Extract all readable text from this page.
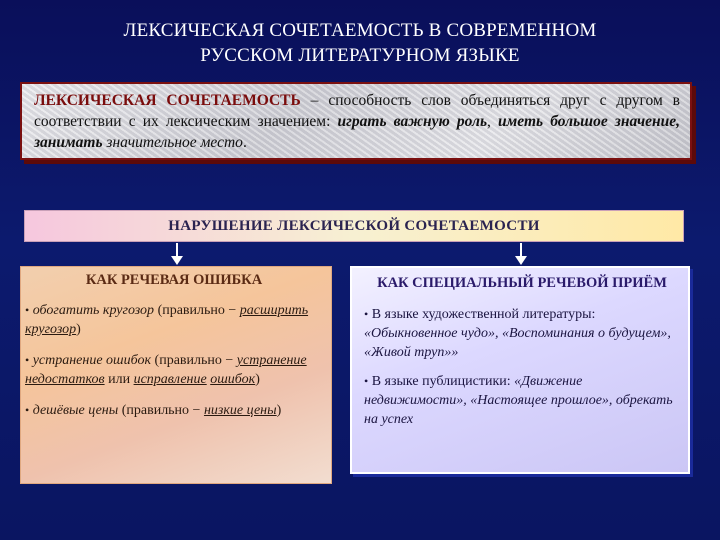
ЛЕКСИЧЕСКАЯ СОЧЕТАЕМОСТЬ В СОВРЕМЕННОМ
РУССКОМ ЛИТЕРАТУРНОМ ЯЗЫКЕ
ЛЕКСИЧЕСКАЯ СОЧЕТАЕМОСТЬ – способность слов объединяться друг с другом в соответствии с их лексическим значением: играть важную роль, иметь большое значение, занимать значительное место.
НАРУШЕНИЕ ЛЕКСИЧЕСКОЙ СОЧЕТАЕМОСТИ
КАК РЕЧЕВАЯ ОШИБКА

• обогатить кругозор (правильно − расширить кругозор)

• устранение ошибок (правильно − устранение недостатков или исправление ошибок)

• дешёвые цены (правильно − низкие цены)

КАК СПЕЦИАЛЬНЫЙ РЕЧЕВОЙ ПРИЁМ

• В языке художественной литературы: «Обыкновенное чудо», «Воспоминания о будущем», «Живой труп»»

• В языке публицистики: «Движение недвижимости», «Настоящее прошлое», обрекать на успех
